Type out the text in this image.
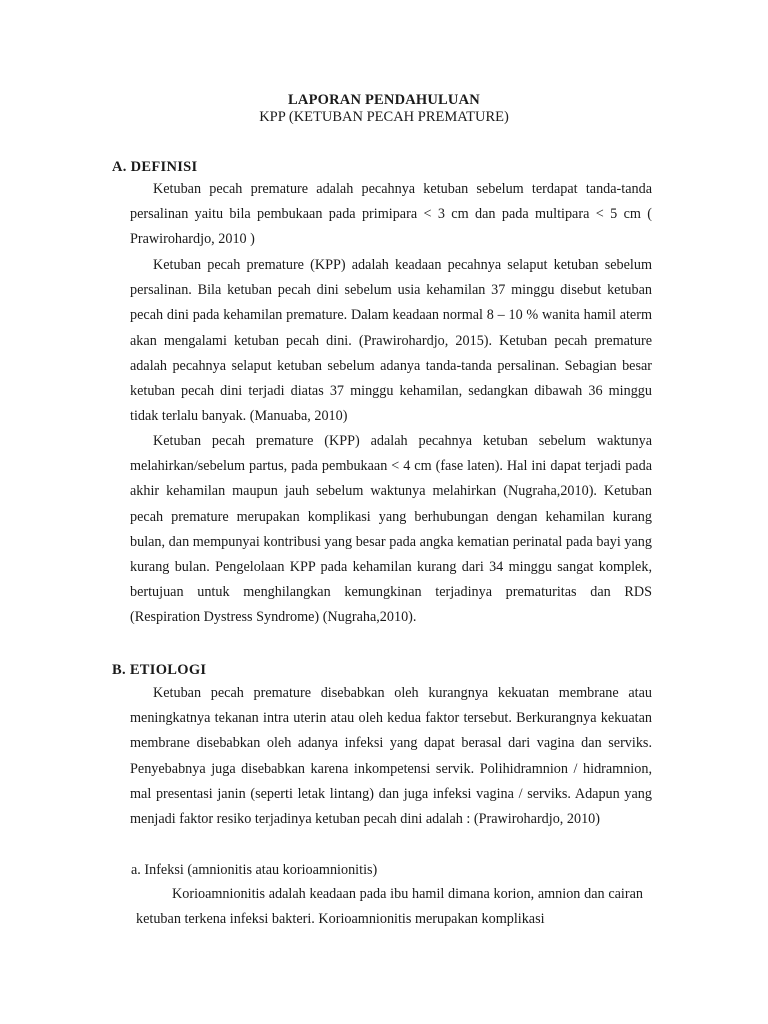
LAPORAN PENDAHULUAN
KPP (KETUBAN PECAH PREMATURE)
A. DEFINISI

Ketuban pecah premature adalah pecahnya ketuban sebelum terdapat tanda-tanda persalinan yaitu bila pembukaan pada primipara < 3 cm dan pada multipara < 5 cm ( Prawirohardjo, 2010 )

Ketuban pecah premature (KPP) adalah keadaan pecahnya selaput ketuban sebelum persalinan. Bila ketuban pecah dini sebelum usia kehamilan 37 minggu disebut ketuban pecah dini pada kehamilan premature. Dalam keadaan normal 8 – 10 % wanita hamil aterm akan mengalami ketuban pecah dini. (Prawirohardjo, 2015). Ketuban pecah premature adalah pecahnya selaput ketuban sebelum adanya tanda-tanda persalinan. Sebagian besar ketuban pecah dini terjadi diatas 37 minggu kehamilan, sedangkan dibawah 36 minggu tidak terlalu banyak. (Manuaba, 2010)

Ketuban pecah premature (KPP) adalah pecahnya ketuban sebelum waktunya melahirkan/sebelum partus, pada pembukaan < 4 cm (fase laten). Hal ini dapat terjadi pada akhir kehamilan maupun jauh sebelum waktunya melahirkan (Nugraha,2010). Ketuban pecah premature merupakan komplikasi yang berhubungan dengan kehamilan kurang bulan, dan mempunyai kontribusi yang besar pada angka kematian perinatal pada bayi yang kurang bulan. Pengelolaan KPP pada kehamilan kurang dari 34 minggu sangat komplek, bertujuan untuk menghilangkan kemungkinan terjadinya prematuritas dan RDS (Respiration Dystress Syndrome) (Nugraha,2010).

B. ETIOLOGI

Ketuban pecah premature disebabkan oleh kurangnya kekuatan membrane atau meningkatnya tekanan intra uterin atau oleh kedua faktor tersebut. Berkurangnya kekuatan membrane disebabkan oleh adanya infeksi yang dapat berasal dari vagina dan serviks. Penyebabnya juga disebabkan karena inkompetensi servik. Polihidramnion / hidramnion, mal presentasi janin (seperti letak lintang) dan juga infeksi vagina / serviks. Adapun yang menjadi faktor resiko terjadinya ketuban pecah dini adalah : (Prawirohardjo, 2010)

a. Infeksi (amnionitis atau korioamnionitis)

Korioamnionitis adalah keadaan pada ibu hamil dimana korion, amnion dan cairan ketuban terkena infeksi bakteri. Korioamnionitis merupakan komplikasi
